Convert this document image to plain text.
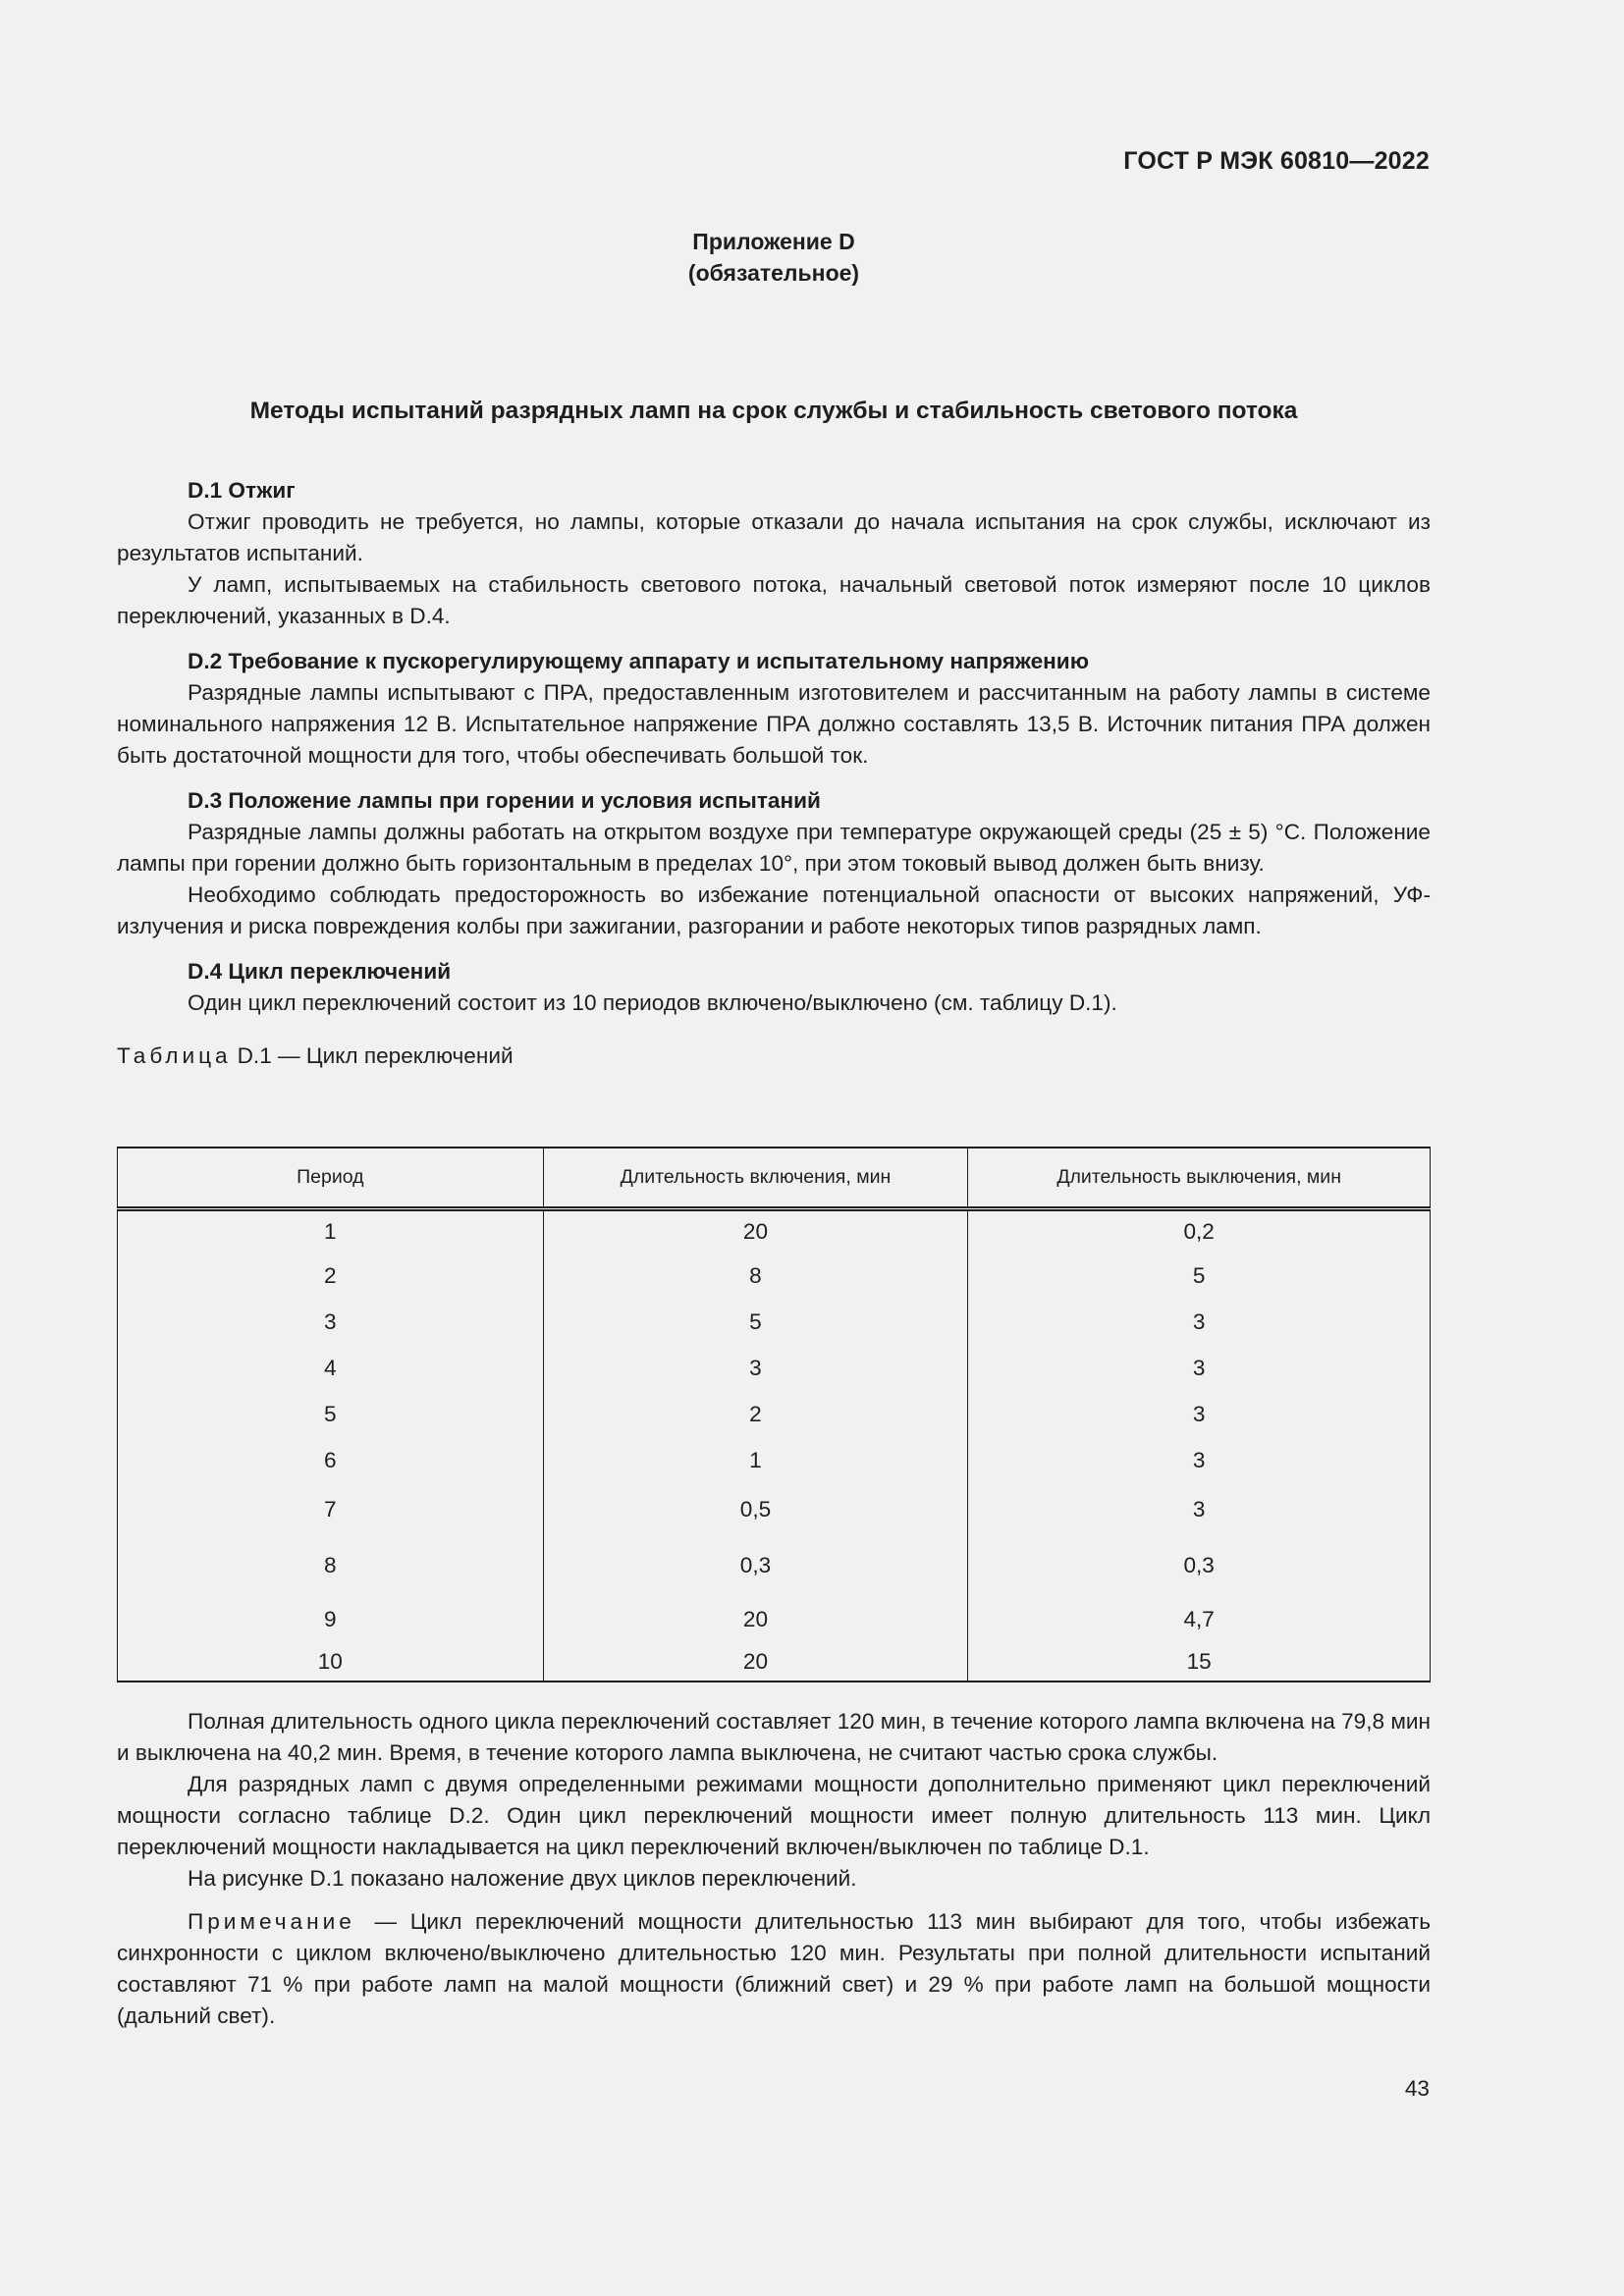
ГОСТ Р МЭК 60810—2022
Приложение D
(обязательное)
Методы испытаний разрядных ламп на срок службы и стабильность светового потока
D.1 Отжиг

Отжиг проводить не требуется, но лампы, которые отказали до начала испытания на срок службы, исключают из результатов испытаний.

У ламп, испытываемых на стабильность светового потока, начальный световой поток измеряют после 10 циклов переключений, указанных в D.4.

D.2 Требование к пускорегулирующему аппарату и испытательному напряжению

Разрядные лампы испытывают с ПРА, предоставленным изготовителем и рассчитанным на работу лампы в системе номинального напряжения 12 В. Испытательное напряжение ПРА должно составлять 13,5 В. Источник питания ПРА должен быть достаточной мощности для того, чтобы обеспечивать большой ток.

D.3 Положение лампы при горении и условия испытаний

Разрядные лампы должны работать на открытом воздухе при температуре окружающей среды (25 ± 5) °С. Положение лампы при горении должно быть горизонтальным в пределах 10°, при этом токовый вывод должен быть внизу.

Необходимо соблюдать предосторожность во избежание потенциальной опасности от высоких напряжений, УФ-излучения и риска повреждения колбы при зажигании, разгорании и работе некоторых типов разрядных ламп.

D.4 Цикл переключений

Один цикл переключений состоит из 10 периодов включено/выключено (см. таблицу D.1).

Таблица D.1 — Цикл переключений

Период	Длительность включения, мин	Длительность выключения, мин
1	20	0,2
2	8	5
3	5	3
4	3	3
5	2	3
6	1	3
7	0,5	3
8	0,3	0,3
9	20	4,7
10	20	15

Полная длительность одного цикла переключений составляет 120 мин, в течение которого лампа включена на 79,8 мин и выключена на 40,2 мин. Время, в течение которого лампа выключена, не считают частью срока службы.

Для разрядных ламп с двумя определенными режимами мощности дополнительно применяют цикл переключений мощности согласно таблице D.2. Один цикл переключений мощности имеет полную длительность 113 мин. Цикл переключений мощности накладывается на цикл переключений включен/выключен по таблице D.1.

На рисунке D.1 показано наложение двух циклов переключений.

Примечание — Цикл переключений мощности длительностью 113 мин выбирают для того, чтобы избежать синхронности с циклом включено/выключено длительностью 120 мин. Результаты при полной длительности испытаний составляют 71 % при работе ламп на малой мощности (ближний свет) и 29 % при работе ламп на большой мощности (дальний свет).

43
